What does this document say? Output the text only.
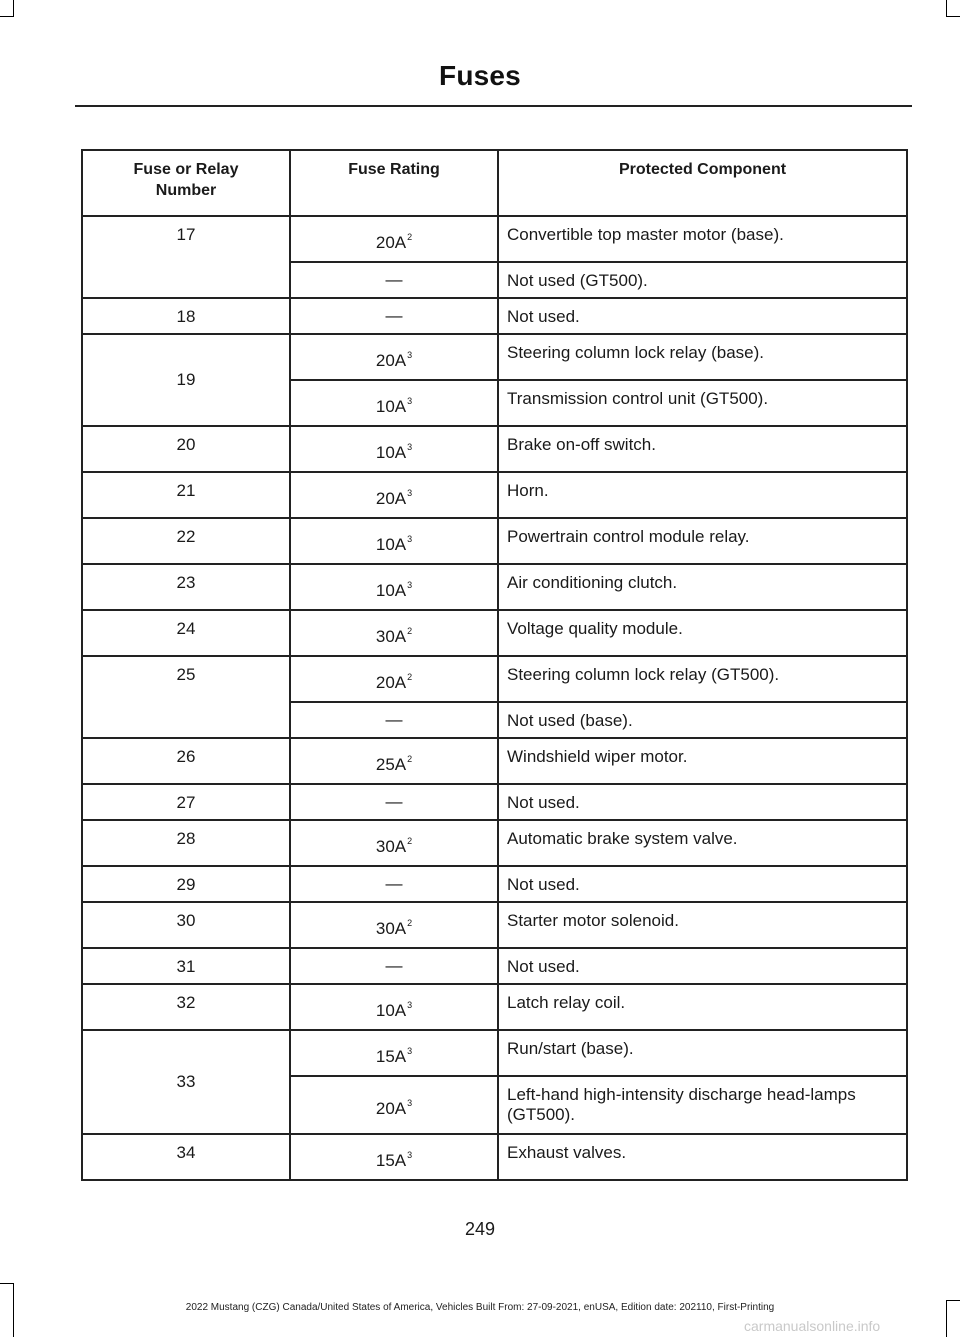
Fuses
Fuse or Relay Number	Fuse Rating	Protected Component
17	$20A^2$	Convertible top master motor (base).
	—	Not used (GT500).
18	—	Not used.
19	$20A^3$	Steering column lock relay (base).
	$10A^3$	Transmission control unit (GT500).
20	$10A^3$	Brake on-off switch.
21	$20A^3$	Horn.
22	$10A^3$	Powertrain control module relay.
23	$10A^3$	Air conditioning clutch.
24	$30A^2$	Voltage quality module.
25	$20A^2$	Steering column lock relay (GT500).
	—	Not used (base).
26	$25A^2$	Windshield wiper motor.
27	—	Not used.
28	$30A^2$	Automatic brake system valve.
29	—	Not used.
30	$30A^2$	Starter motor solenoid.
31	—	Not used.
32	$10A^3$	Latch relay coil.
33	$15A^3$	Run/start (base).
	$20A^3$	Left-hand high-intensity discharge head-lamps (GT500).
34	$15A^3$	Exhaust valves.
249
2022 Mustang (CZG) Canada/United States of America, Vehicles Built From: 27-09-2021, enUSA, Edition date: 202110, First-Printing
carmanualsonline.info
